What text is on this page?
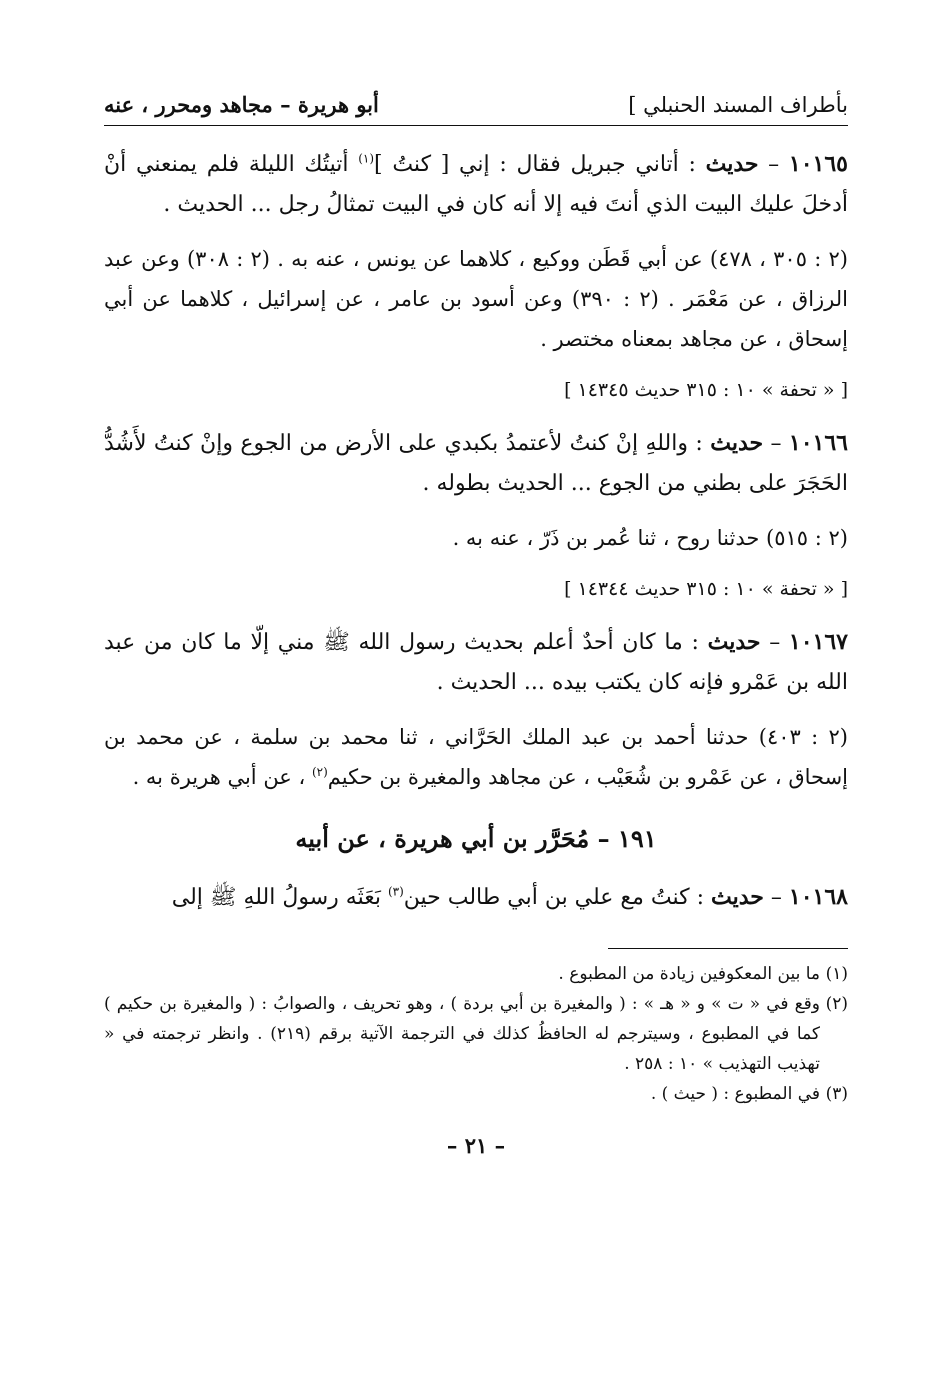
بأطراف المسند الحنبلي ]
أبو هريرة – مجاهد ومحرر ، عنه

١٠١٦٥ – حديث : أتاني جبريل فقال : إني [ كنتُ ]$^{(١)}$ أتيتُك الليلة فلم يمنعني أنْ أدخلَ عليك البيت الذي أنتَ فيه إلا أنه كان في البيت تمثالُ رجل ... الحديث .

(٢ : ٣٠٥ ، ٤٧٨) عن أبي قَطَن ووكيع ، كلاهما عن يونس ، عنه به . (٢ : ٣٠٨) وعن عبد الرزاق ، عن مَعْمَر . (٢ : ٣٩٠) وعن أسود بن عامر ، عن إسرائيل ، كلاهما عن أبي إسحاق ، عن مجاهد بمعناه مختصر .

[ « تحفة » ١٠ : ٣١٥ حديث ١٤٣٤٥ ]

١٠١٦٦ – حديث : واللهِ إنْ كنتُ لأعتمدُ بكبدي على الأرض من الجوع وإنْ كنتُ لأَشُدُّ الحَجَرَ على بطني من الجوع ... الحديث بطوله .

(٢ : ٥١٥) حدثنا روح ، ثنا عُمر بن ذَرّ ، عنه به .

[ « تحفة » ١٠ : ٣١٥ حديث ١٤٣٤٤ ]

١٠١٦٧ – حديث : ما كان أحدٌ أعلم بحديث رسول الله ﷺ مني إلّا ما كان من عبد الله بن عَمْرو فإنه كان يكتب بيده ... الحديث .

(٢ : ٤٠٣) حدثنا أحمد بن عبد الملك الحَرَّاني ، ثنا محمد بن سلمة ، عن محمد بن إسحاق ، عن عَمْرو بن شُعَيْب ، عن مجاهد والمغيرة بن حكيم$^{(٢)}$ ، عن أبي هريرة به .

١٩١ – مُحَرَّر بن أبي هريرة ، عن أبيه

١٠١٦٨ – حديث : كنتُ مع علي بن أبي طالب حين$^{(٣)}$ بَعَثَه رسولُ اللهِ ﷺ إلى

(١)
ما بين المعكوفين زيادة من المطبوع .
(٢)
وقع في « ت » و « هـ » : ( والمغيرة بن أبي بردة ) ، وهو تحريف ، والصوابُ : ( والمغيرة بن حكيم ) كما في المطبوع ، وسيترجم له الحافظُ كذلك في الترجمة الآتية برقم (٢١٩) . وانظر ترجمته في « تهذيب التهذيب » ١٠ : ٢٥٨ .
(٣)
في المطبوع : ( حيث ) .

– ٢١ –
